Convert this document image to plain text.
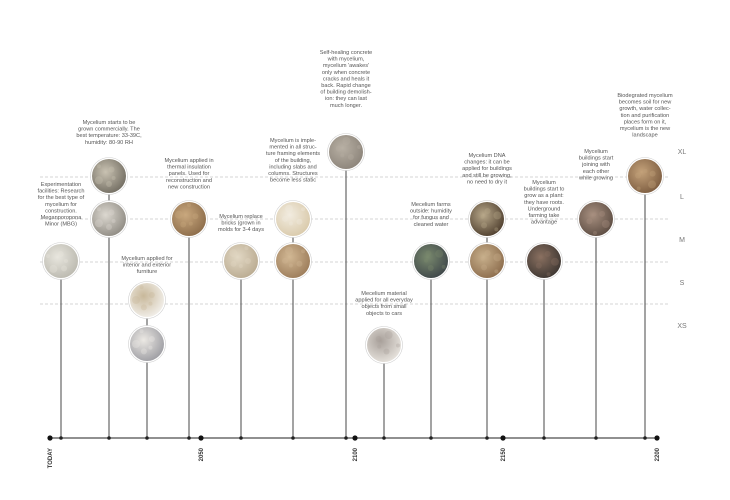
Experimentation facilities: Research for the best type of mycelium for construction. Meganporopona Minor (MBG)
Mycelium starts to be grown commercially. The best temperature: 33-39C, humidity: 80-90 RH
Mycelium applied for interior and exterior furniture
Mycelium applied in thermal insulation panels. Used for reconstruction and new construction
Mycelium replace bricks (grown in molds for 3-4 days
Mycelium is imple-mented in all struc-ture framing elements of the building, including slabs and columns. Structures become less static
Self-healing concrete with mycelium, mycelium 'awakes' only when concrete cracks and heals it back. Rapid change of building demolish-ion: they can last much longer.
Mecelium material applied for all everyday objects from small objects to cars
Mecelium farms outside: humidity for fungus and cleaned water
Mycelium DNA changes: it can be applied for buildings and still be growing, no need to dry it	Mycelium buildings start to grow as a plant: they have roots. Underground farming take advantage
Mycelium buildings start joining with each other while growing
Biodegrated mycelium becomes soil for new growth, water collec-tion and purification places form on it, mycelium is the new landscape
XL
L
M
S
XS
TODAY	2050	2100	2150	2200
